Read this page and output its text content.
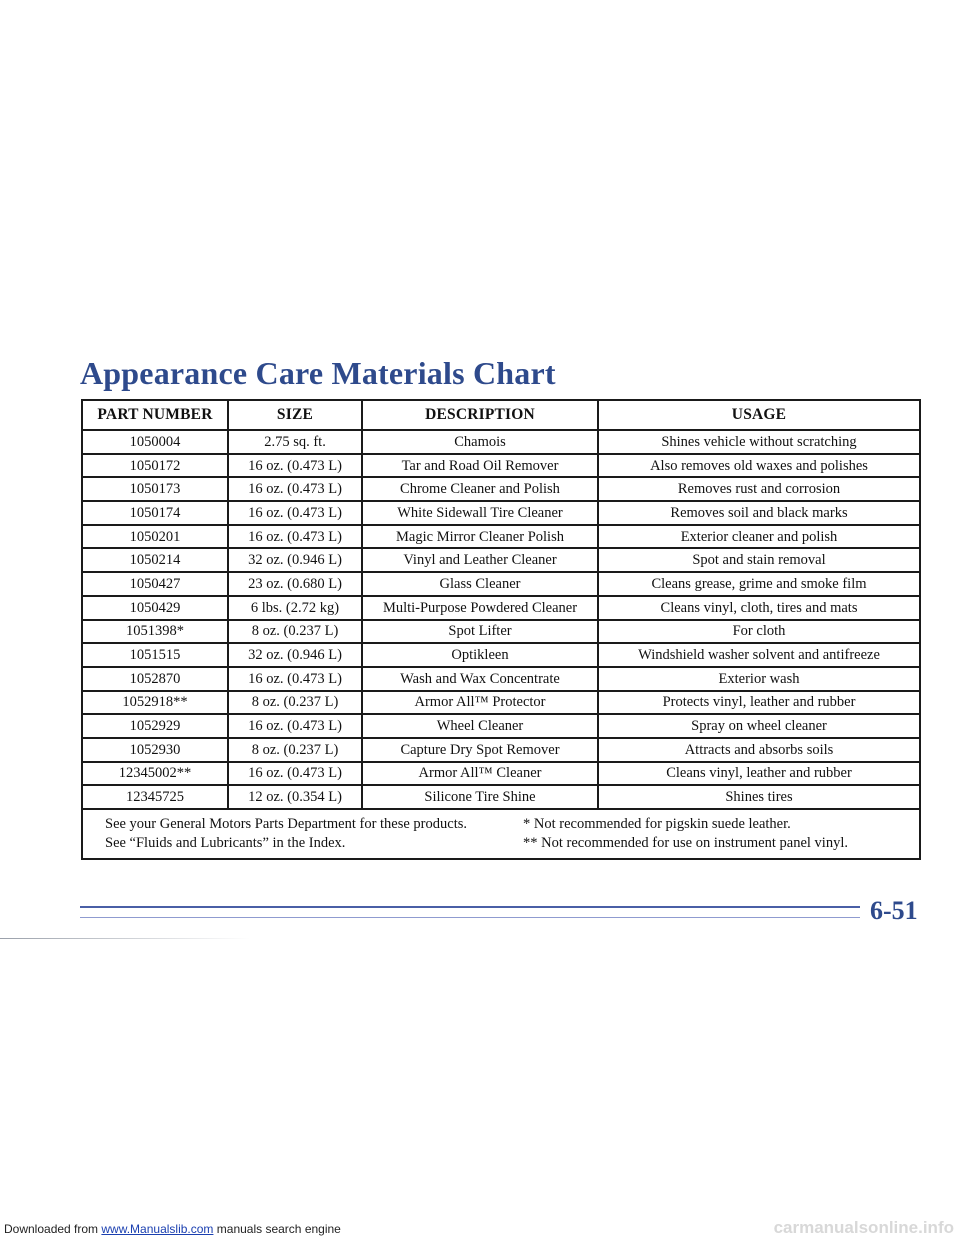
Appearance Care Materials Chart
PART NUMBER	SIZE	DESCRIPTION	USAGE
1050004	2.75 sq. ft.	Chamois	Shines vehicle without scratching
1050172	16 oz. (0.473 L)	Tar and Road Oil Remover	Also removes old waxes and polishes
1050173	16 oz. (0.473 L)	Chrome Cleaner and Polish	Removes rust and corrosion
1050174	16 oz. (0.473 L)	White Sidewall Tire Cleaner	Removes soil and black marks
1050201	16 oz. (0.473 L)	Magic Mirror Cleaner Polish	Exterior cleaner and polish
1050214	32 oz. (0.946 L)	Vinyl and Leather Cleaner	Spot and stain removal
1050427	23 oz. (0.680 L)	Glass Cleaner	Cleans grease, grime and smoke film
1050429	6 lbs. (2.72 kg)	Multi-Purpose Powdered Cleaner	Cleans vinyl, cloth, tires and mats
1051398*	8 oz. (0.237 L)	Spot Lifter	For cloth
1051515	32 oz. (0.946 L)	Optikleen	Windshield washer solvent and antifreeze
1052870	16 oz. (0.473 L)	Wash and Wax Concentrate	Exterior wash
1052918**	8 oz. (0.237 L)	Armor All™ Protector	Protects vinyl, leather and rubber
1052929	16 oz. (0.473 L)	Wheel Cleaner	Spray on wheel cleaner
1052930	8 oz. (0.237 L)	Capture Dry Spot Remover	Attracts and absorbs soils
12345002**	16 oz. (0.473 L)	Armor All™ Cleaner	Cleans vinyl, leather and rubber
12345725	12 oz. (0.354 L)	Silicone Tire Shine	Shines tires

See your General Motors Parts Department for these products. * Not recommended for pigskin suede leather.
See “Fluids and Lubricants” in the Index. ** Not recommended for use on instrument panel vinyl.			
6-51
Downloaded from www.Manualslib.com manuals search engine	carmanualsonline.info
